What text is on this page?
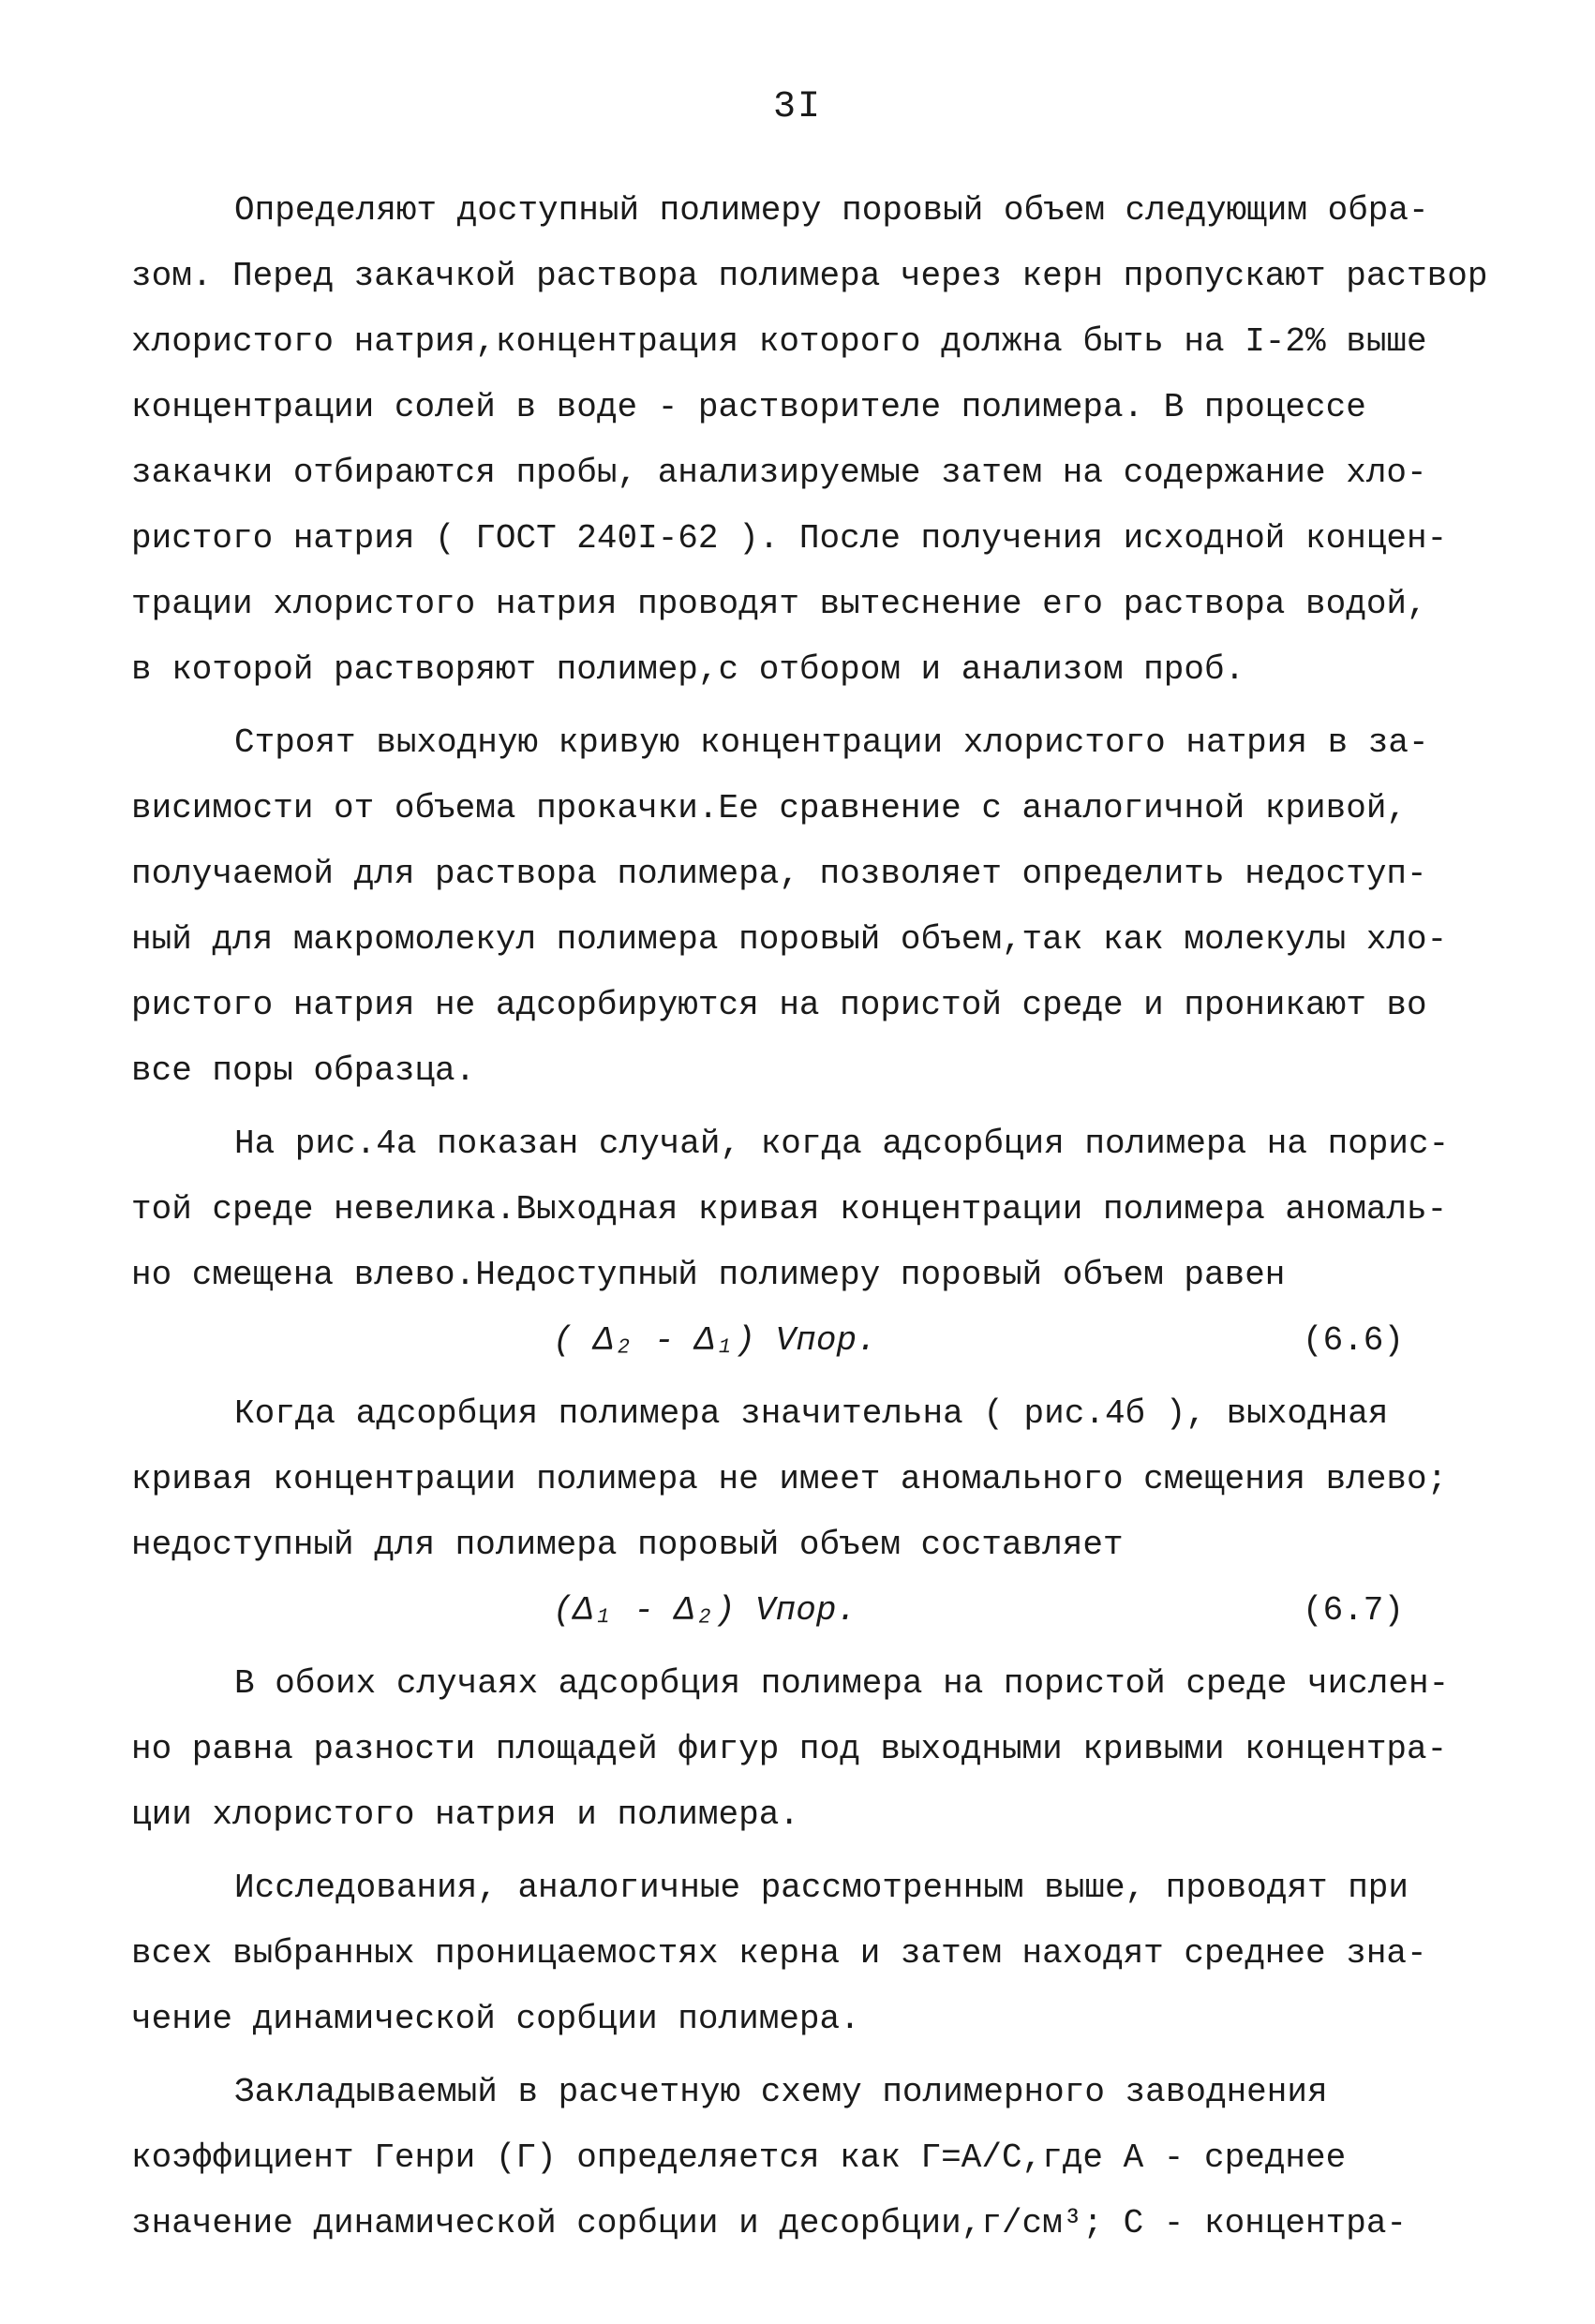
3I
Определяют доступный полимеру поровый объем следующим обра-
зом. Перед закачкой раствора полимера через керн пропускают раствор
хлористого натрия,концентрация которого должна быть на I-2% выше
концентрации солей в воде - растворителе полимера. В процессе
закачки отбираются пробы, анализируемые затем на содержание хло-
ристого натрия ( ГОСТ 240I-62 ). После получения исходной концен-
трации хлористого натрия проводят вытеснение его раствора водой,
в которой растворяют полимер,с отбором и анализом проб.
Строят выходную кривую концентрации хлористого натрия в за-
висимости от объема прокачки.Ее сравнение с аналогичной кривой,
получаемой для раствора полимера, позволяет определить недоступ-
ный для макромолекул полимера поровый объем,так как молекулы хло-
ристого натрия не адсорбируются на пористой среде и проникают во
все поры образца.
На рис.4а показан случай, когда адсорбция полимера на порис-
той среде невелика.Выходная кривая концентрации полимера аномаль-
но смещена влево.Недоступный полимеру поровый объем равен

( Δ₂ - Δ₁) Vпор.

	(6.6)

Когда адсорбция полимера значительна ( рис.4б ), выходная
кривая концентрации полимера не имеет аномального смещения влево;
недоступный для полимера поровый объем составляет

(Δ₁ - Δ₂) Vпор.

	(6.7)

В обоих случаях адсорбция полимера на пористой среде числен-
но равна разности площадей фигур под выходными кривыми концентра-
ции хлористого натрия и полимера.
Исследования, аналогичные рассмотренным выше, проводят при
всех выбранных проницаемостях керна и затем находят среднее зна-
чение динамической сорбции полимера.
Закладываемый в расчетную схему полимерного заводнения
коэффициент Генри (Г) определяется как Г=А/С,где А - среднее
значение динамической сорбции и десорбции,г/см³; С - концентра-
